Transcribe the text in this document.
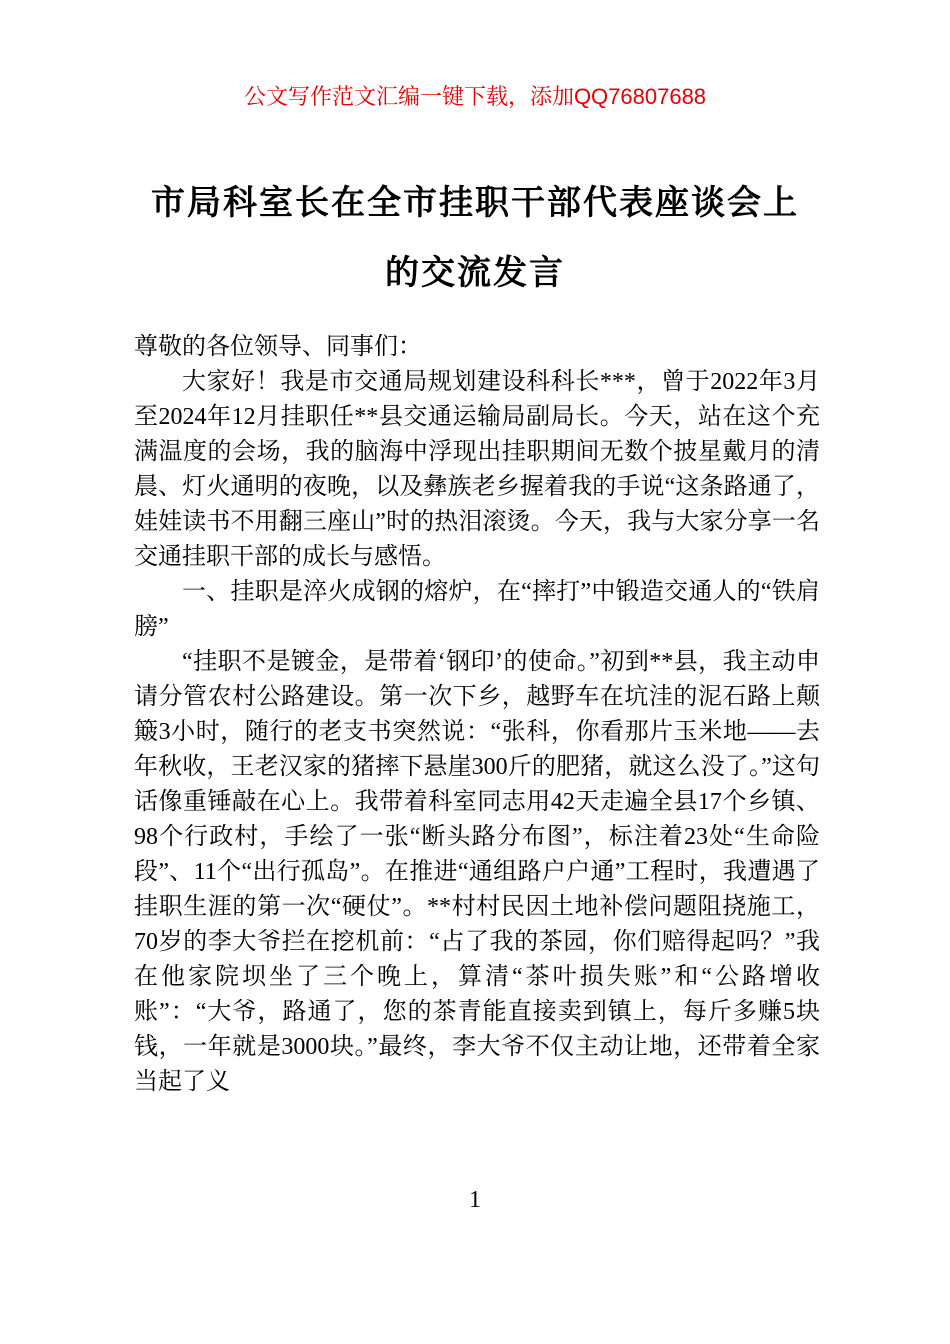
公文写作范文汇编一键下载，添加QQ76807688
市局科室长在全市挂职干部代表座谈会上
的交流发言

尊敬的各位领导、同事们：

大家好！我是市交通局规划建设科科长***，曾于2022年3月至2024年12月挂职任**县交通运输局副局长。今天，站在这个充满温度的会场，我的脑海中浮现出挂职期间无数个披星戴月的清晨、灯火通明的夜晚，以及彝族老乡握着我的手说“这条路通了，娃娃读书不用翻三座山”时的热泪滚烫。今天，我与大家分享一名交通挂职干部的成长与感悟。

一、挂职是淬火成钢的熔炉，在“摔打”中锻造交通人的“铁肩膀”

“挂职不是镀金，是带着‘钢印’的使命。”初到**县，我主动申请分管农村公路建设。第一次下乡，越野车在坑洼的泥石路上颠簸3小时，随行的老支书突然说：“张科，你看那片玉米地——去年秋收，王老汉家的猪摔下悬崖300斤的肥猪，就这么没了。”这句话像重锤敲在心上。我带着科室同志用42天走遍全县17个乡镇、98个行政村，手绘了一张“断头路分布图”，标注着23处“生命险段”、11个“出行孤岛”。在推进“通组路户户通”工程时，我遭遇了挂职生涯的第一次“硬仗”。**村村民因土地补偿问题阻挠施工，70岁的李大爷拦在挖机前：“占了我的茶园，你们赔得起吗？”我在他家院坝坐了三个晚上，算清“茶叶损失账”和“公路增收账”：“大爷，路通了，您的茶青能直接卖到镇上，每斤多赚5块钱，一年就是3000块。”最终，李大爷不仅主动让地，还带着全家当起了义

1
